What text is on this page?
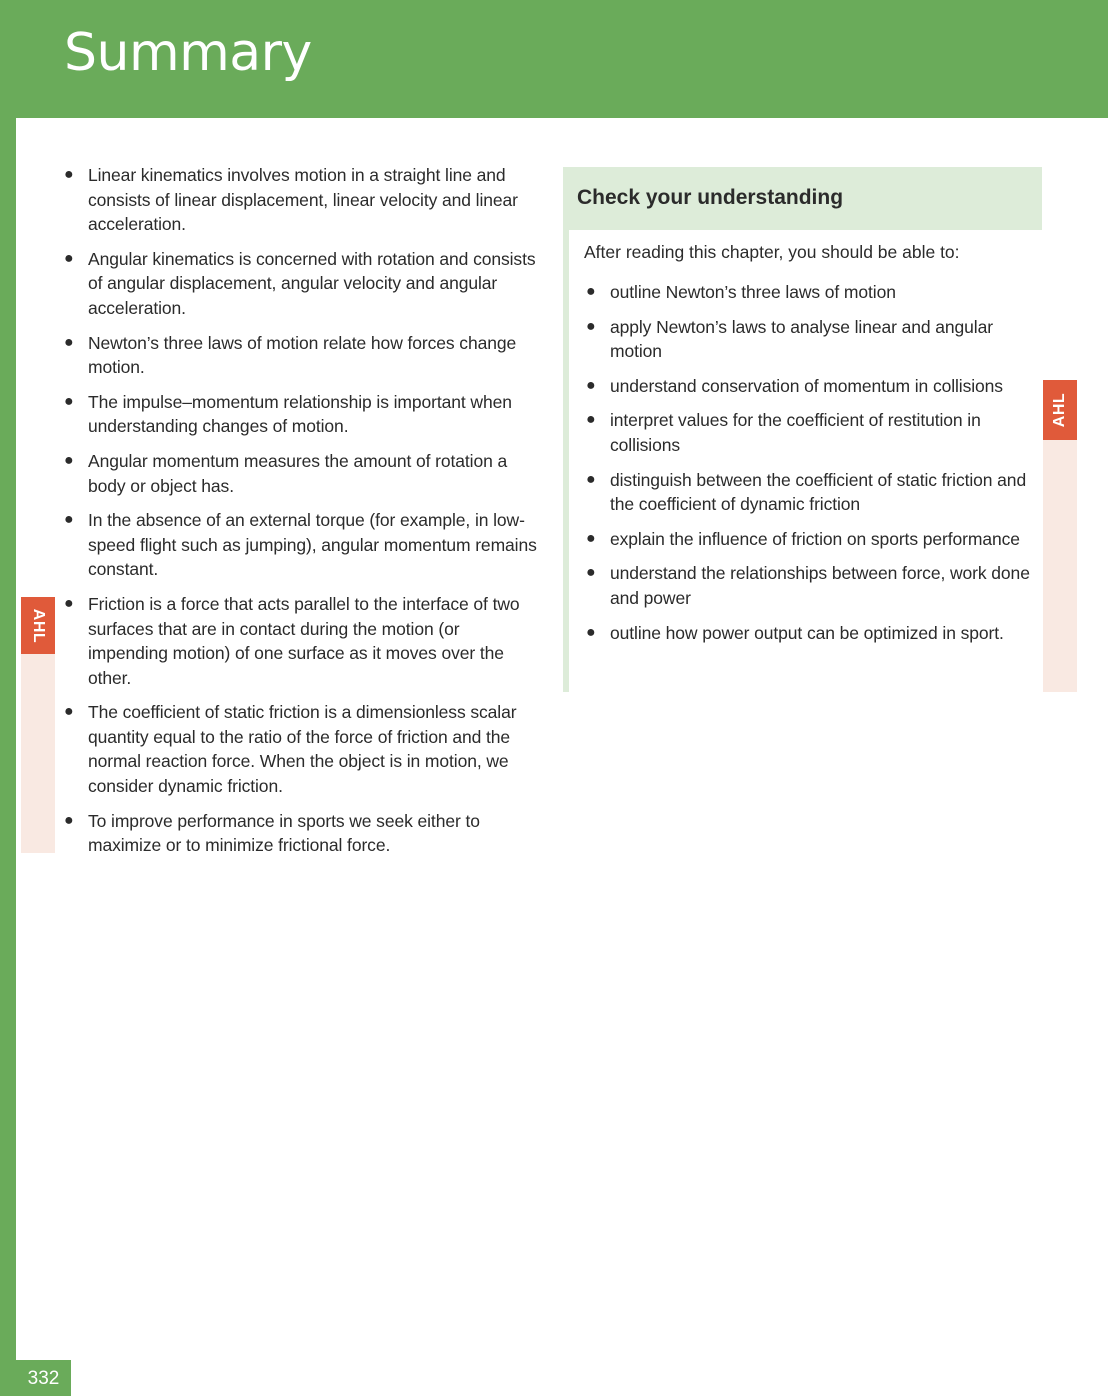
Summary
332
AHL
AHL
● Linear kinematics involves motion in a straight line and consists of linear displacement, linear velocity and linear acceleration.
● Angular kinematics is concerned with rotation and consists of angular displacement, angular velocity and angular acceleration.
● Newton’s three laws of motion relate how forces change motion.
● The impulse–momentum relationship is important when understanding changes of motion.
● Angular momentum measures the amount of rotation a body or object has.
● In the absence of an external torque (for example, in low-speed flight such as jumping), angular momentum remains constant.
● Friction is a force that acts parallel to the interface of two surfaces that are in contact during the motion (or impending motion) of one surface as it moves over the other.
● The coefficient of static friction is a dimensionless scalar quantity equal to the ratio of the force of friction and the normal reaction force. When the object is in motion, we consider dynamic friction.
● To improve performance in sports we seek either to maximize or to minimize frictional force.
Check your understanding

After reading this chapter, you should be able to:

● outline Newton’s three laws of motion
● apply Newton’s laws to analyse linear and angular motion
● understand conservation of momentum in collisions
● interpret values for the coefficient of restitution in collisions
● distinguish between the coefficient of static friction and the coefficient of dynamic friction
● explain the influence of friction on sports performance
● understand the relationships between force, work done and power
● outline how power output can be optimized in sport.
